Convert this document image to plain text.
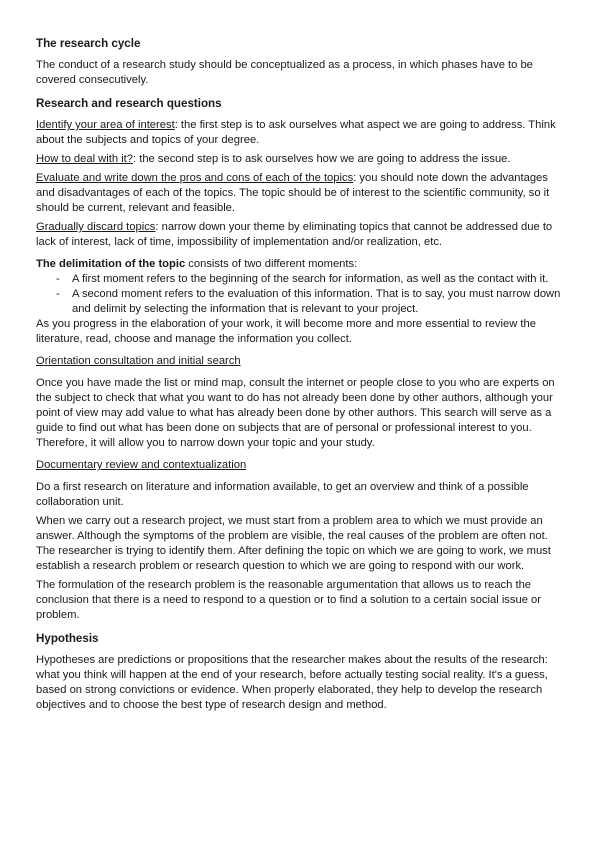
The research cycle

The conduct of a research study should be conceptualized as a process, in which phases have to be covered consecutively.

Research and research questions

Identify your area of interest: the first step is to ask ourselves what aspect we are going to address. Think about the subjects and topics of your degree.

How to deal with it?: the second step is to ask ourselves how we are going to address the issue.

Evaluate and write down the pros and cons of each of the topics: you should note down the advantages and disadvantages of each of the topics. The topic should be of interest to the scientific community, so it should be current, relevant and feasible.

Gradually discard topics: narrow down your theme by eliminating topics that cannot be addressed due to lack of interest, lack of time, impossibility of implementation and/or realization, etc.

The delimitation of the topic consists of two different moments:

- A first moment refers to the beginning of the search for information, as well as the contact with it.
- A second moment refers to the evaluation of this information. That is to say, you must narrow down and delimit by selecting the information that is relevant to your project.

As you progress in the elaboration of your work, it will become more and more essential to review the literature, read, choose and manage the information you collect.

Orientation consultation and initial search

Once you have made the list or mind map, consult the internet or people close to you who are experts on the subject to check that what you want to do has not already been done by other authors, although your point of view may add value to what has already been done by other authors. This search will serve as a guide to find out what has been done on subjects that are of personal or professional interest to you. Therefore, it will allow you to narrow down your topic and your study.

Documentary review and contextualization

Do a first research on literature and information available, to get an overview and think of a possible collaboration unit.

When we carry out a research project, we must start from a problem area to which we must provide an answer. Although the symptoms of the problem are visible, the real causes of the problem are often not. The researcher is trying to identify them. After defining the topic on which we are going to work, we must establish a research problem or research question to which we are going to respond with our work.

The formulation of the research problem is the reasonable argumentation that allows us to reach the conclusion that there is a need to respond to a question or to find a solution to a certain social issue or problem.

Hypothesis

Hypotheses are predictions or propositions that the researcher makes about the results of the research: what you think will happen at the end of your research, before actually testing social reality. It's a guess, based on strong convictions or evidence. When properly elaborated, they help to develop the research objectives and to choose the best type of research design and method.
